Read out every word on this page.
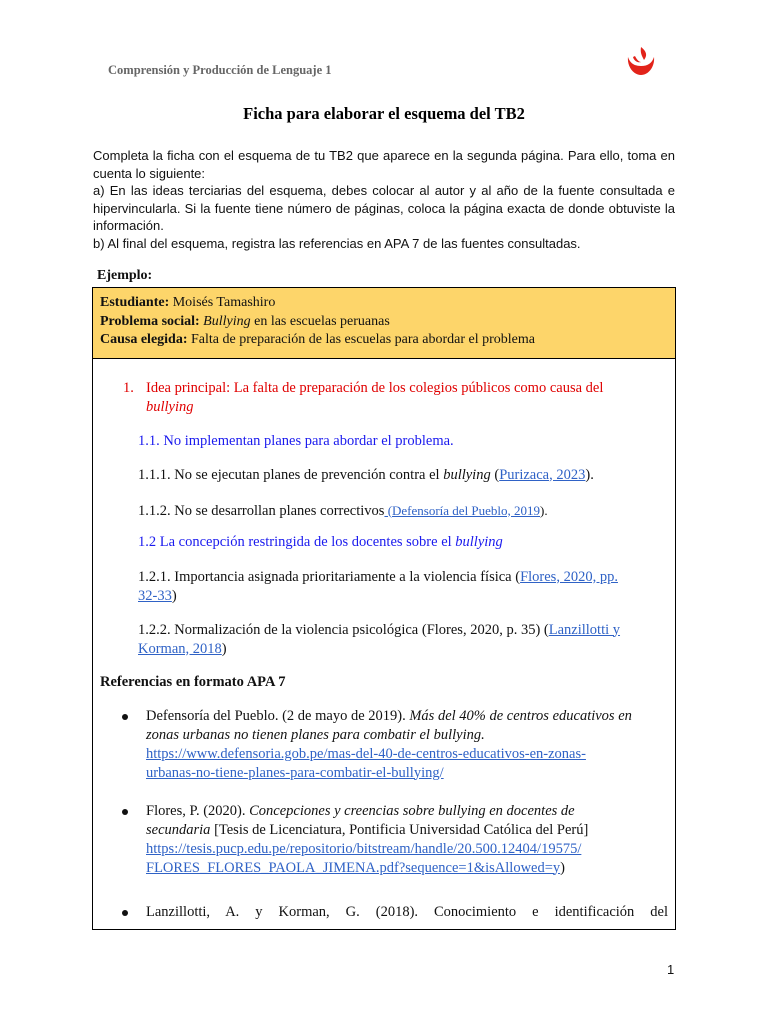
Comprensión y Producción de Lenguaje 1
Ficha para elaborar el esquema del TB2

Completa la ficha con el esquema de tu TB2 que aparece en la segunda página. Para ello, toma en cuenta lo siguiente:

a) En las ideas terciarias del esquema, debes colocar al autor y al año de la fuente consultada e hipervincularla. Si la fuente tiene número de páginas, coloca la página exacta de donde obtuviste la información.

b) Al final del esquema, registra las referencias en APA 7 de las fuentes consultadas.

Ejemplo:

Estudiante: Moisés Tamashiro

Problema social: Bullying en las escuelas peruanas

Causa elegida: Falta de preparación de las escuelas para abordar el problema

1. Idea principal: La falta de preparación de los colegios públicos como causa del
bullying
1.1. No implementan planes para abordar el problema.
1.1.1. No se ejecutan planes de prevención contra el bullying (Purizaca, 2023).
1.1.2. No se desarrollan planes correctivos (Defensoría del Pueblo, 2019).
1.2 La concepción restringida de los docentes sobre el bullying
1.2.1. Importancia asignada prioritariamente a la violencia física (Flores, 2020, pp.
32-33)
1.2.2. Normalización de la violencia psicológica (Flores, 2020, p. 35) (Lanzillotti y
Korman, 2018)
Referencias en formato APA 7
Defensoría del Pueblo. (2 de mayo de 2019). Más del 40% de centros educativos en
zonas urbanas no tienen planes para combatir el bullying.
https://www.defensoria.gob.pe/mas-del-40-de-centros-educativos-en-zonas-
urbanas-no-tiene-planes-para-combatir-el-bullying/
Flores, P. (2020). Concepciones y creencias sobre bullying en docentes de
secundaria [Tesis de Licenciatura, Pontificia Universidad Católica del Perú]
https://tesis.pucp.edu.pe/repositorio/bitstream/handle/20.500.12404/19575/
FLORES_FLORES_PAOLA_JIMENA.pdf?sequence=1&isAllowed=y)
Lanzillotti, A. y Korman, G. (2018). Conocimiento e identificación del
1
